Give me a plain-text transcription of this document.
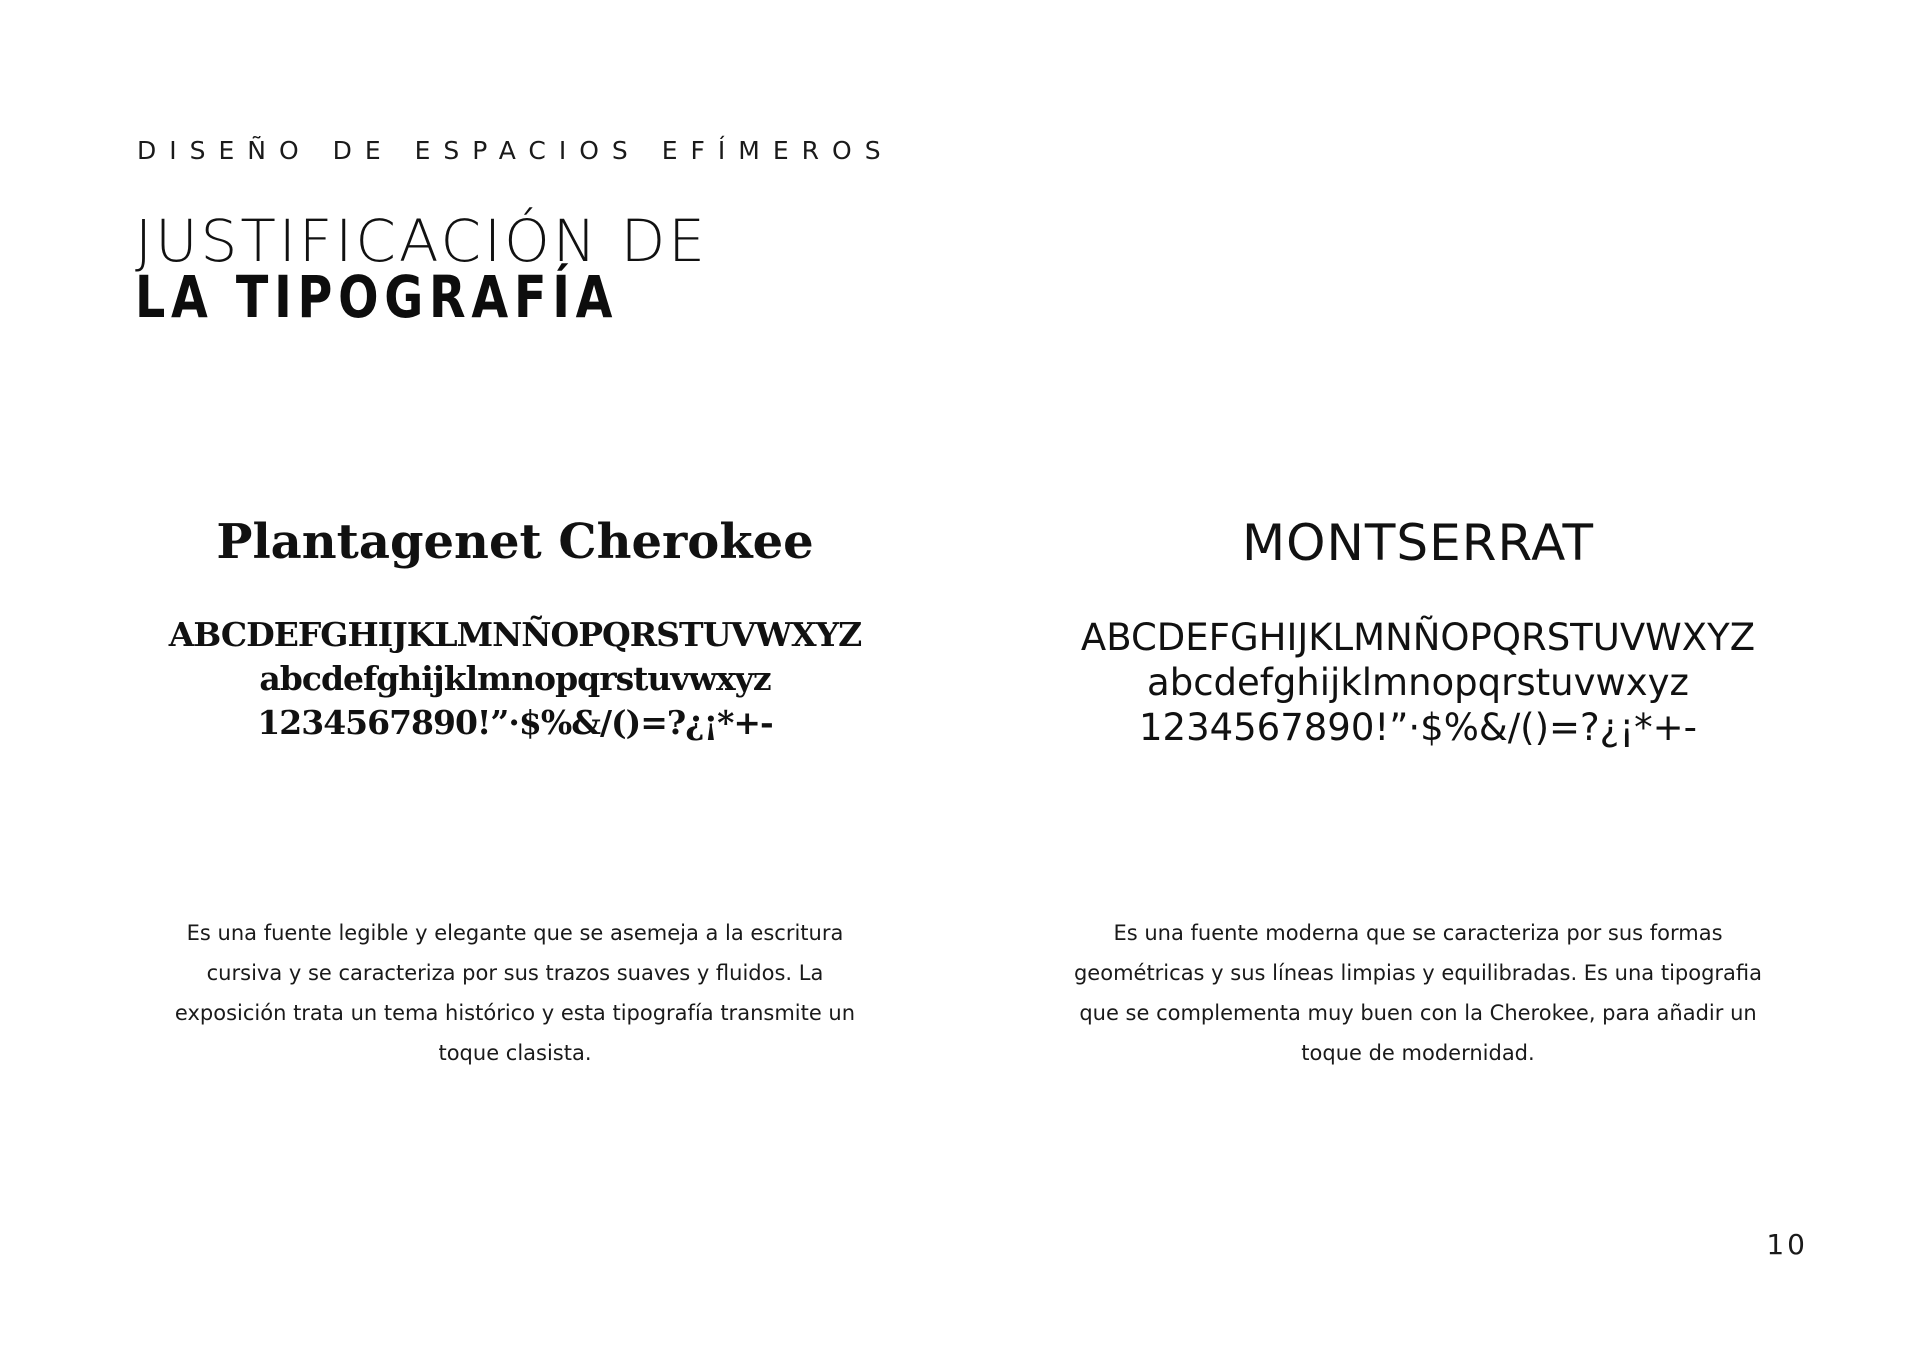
DISEÑO DE ESPACIOS EFÍMEROS
JUSTIFICACIÓN DE
LA TIPOGRAFÍA
Plantagenet Cherokee
ABCDEFGHIJKLMNÑOPQRSTUVWXYZ
abcdefghijklmnopqrstuvwxyz
1234567890!”·$%&/()=?¿¡*+-
MONTSERRAT
ABCDEFGHIJKLMNÑOPQRSTUVWXYZ
abcdefghijklmnopqrstuvwxyz
1234567890!”·$%&/()=?¿¡*+-

Es una fuente legible y elegante que se asemeja a la escritura cursiva y se caracteriza por sus trazos suaves y fluidos. La exposición trata un tema histórico y esta tipografía transmite un toque clasista.

Es una fuente moderna que se caracteriza por sus formas geométricas y sus líneas limpias y equilibradas. Es una tipografia que se complementa muy buen con la Cherokee, para añadir un toque de modernidad.

10
